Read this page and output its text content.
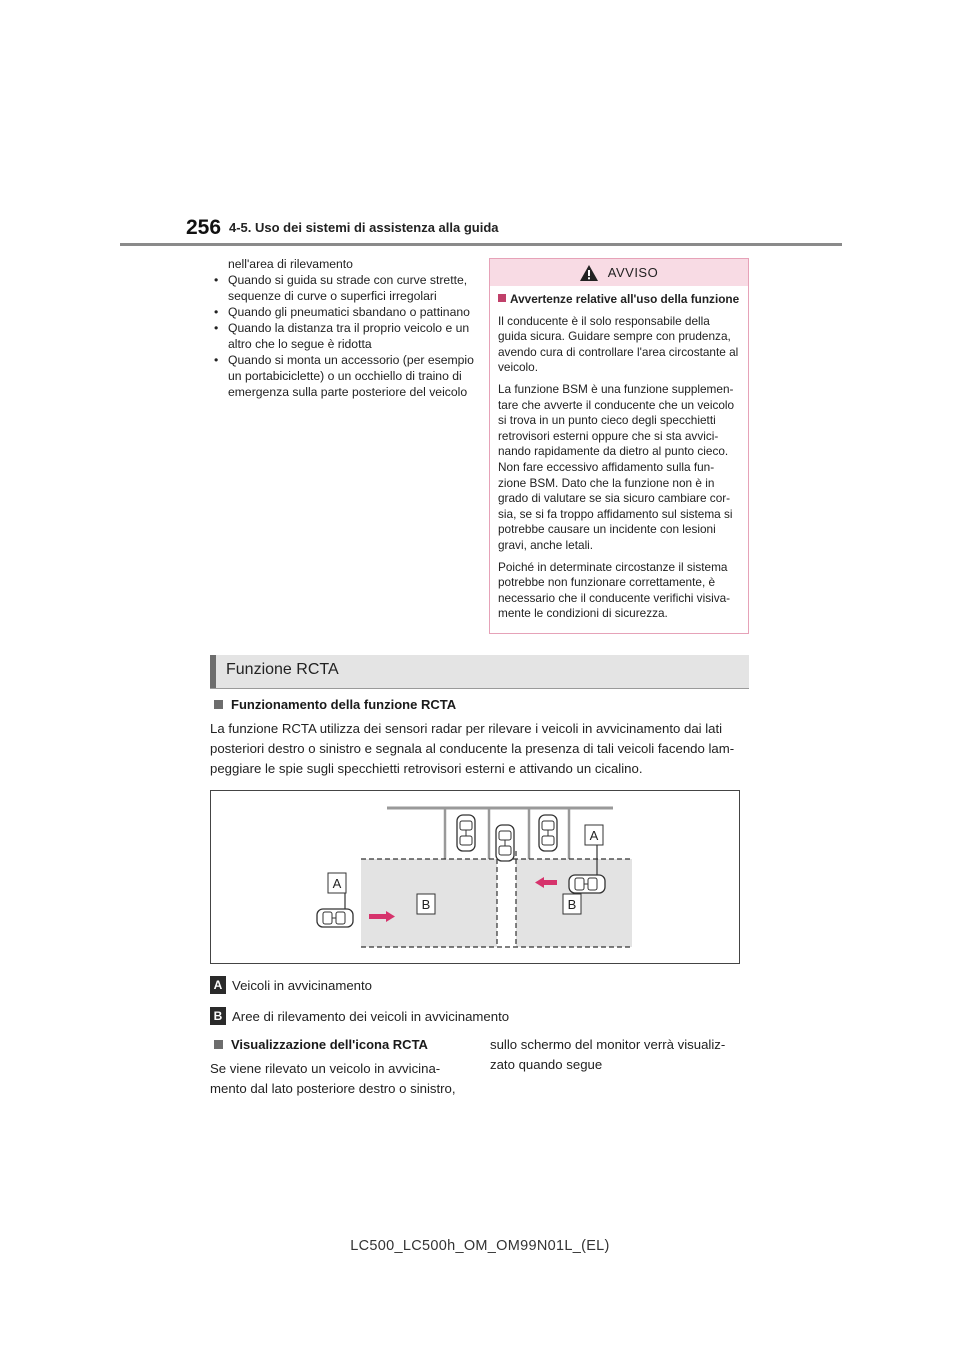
256 4-5. Uso dei sistemi di assistenza alla guida
nell'area di rilevamento
• Quando si guida su strade con curve strette,
sequenze di curve o superfici irregolari
• Quando gli pneumatici sbandano o pattinano
• Quando la distanza tra il proprio veicolo e un
altro che lo segue è ridotta
• Quando si monta un accessorio (per esempio
un portabiciclette) o un occhiello di traino di
emergenza sulla parte posteriore del veicolo
AVVISO
Avvertenze relative all'uso della funzione

Il conducente è il solo responsabile della guida sicura. Guidare sempre con prudenza, avendo cura di controllare l'area circostante al veicolo.

La funzione BSM è una funzione supplemen- tare che avverte il conducente che un veicolo si trova in un punto cieco degli specchietti retrovisori esterni oppure che si sta avvici- nando rapidamente da dietro al punto cieco. Non fare eccessivo affidamento sulla fun- zione BSM. Dato che la funzione non è in grado di valutare se sia sicuro cambiare cor- sia, se si fa troppo affidamento sul sistema si potrebbe causare un incidente con lesioni gravi, anche letali.

Poiché in determinate circostanze il sistema potrebbe non funzionare correttamente, è necessario che il conducente verifichi visiva- mente le condizioni di sicurezza.

Funzione RCTA
Funzionamento della funzione RCTA

La funzione RCTA utilizza dei sensori radar per rilevare i veicoli in avvicinamento dai lati

posteriori destro o sinistro e segnala al conducente la presenza di tali veicoli facendo lam-

peggiare le spie sugli specchietti retrovisori esterni e attivando un cicalino.

A
A
B	B
A Veicoli in avvicinamento
B Aree di rilevamento dei veicoli in avvicinamento
Visualizzazione dell'icona RCTA

Se viene rilevato un veicolo in avvicina-

mento dal lato posteriore destro o sinistro,

sullo schermo del monitor verrà visualiz-

zato quando segue

LC500_LC500h_OM_OM99N01L_(EL)
